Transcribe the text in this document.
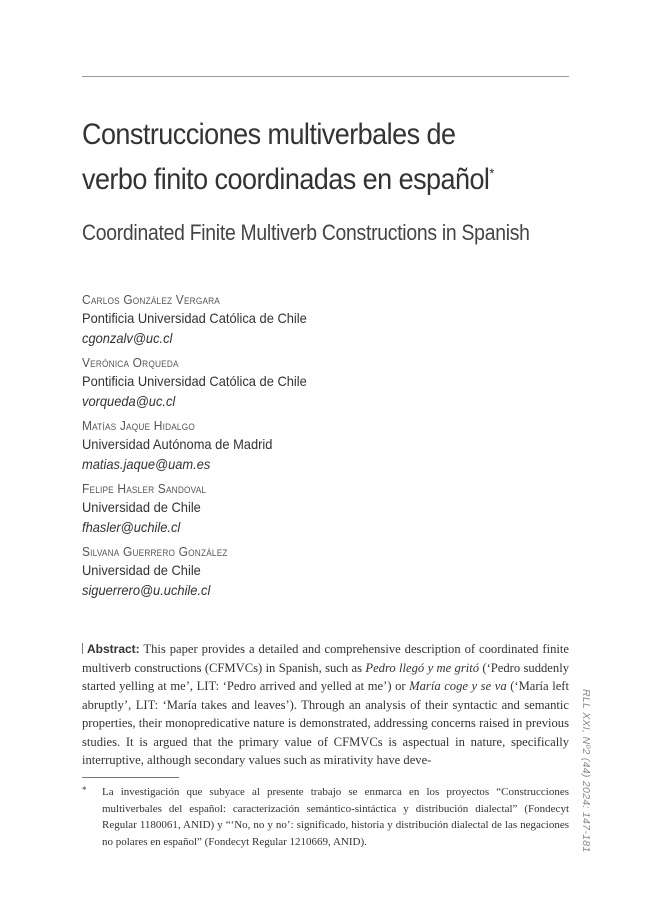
Construcciones multiverbales de
verbo finito coordinadas en español*
Coordinated Finite Multiverb Constructions in Spanish
Carlos González Vergara
Pontificia Universidad Católica de Chile
cgonzalv@uc.cl
Verónica Orqueda
Pontificia Universidad Católica de Chile
vorqueda@uc.cl
Matías Jaque Hidalgo
Universidad Autónoma de Madrid
matias.jaque@uam.es
Felipe Hasler Sandoval
Universidad de Chile
fhasler@uchile.cl
Silvana Guerrero González
Universidad de Chile
siguerrero@u.uchile.cl
Abstract: This paper provides a detailed and comprehensive description of coordinated finite multiverb constructions (CFMVCs) in Spanish, such as Pedro llegó y me gritó (‘Pedro suddenly started yelling at me’, LIT: ‘Pedro arrived and yelled at me’) or María coge y se va (‘María left abruptly’, LIT: ‘María takes and leaves’). Through an analysis of their syntactic and semantic properties, their monopredicative nature is demonstrated, addressing concerns raised in previous studies. It is argued that the primary value of CFMVCs is aspectual in nature, specifically interruptive, although secondary values such as mirativity have deve-
* La investigación que subyace al presente trabajo se enmarca en los proyectos “Construcciones multiverbales del español: caracterización semántico-sintáctica y distribución dialectal” (Fondecyt Regular 1180061, ANID) y “‘No, no y no’: significado, historia y distribución dialectal de las negaciones no polares en español” (Fondecyt Regular 1210669, ANID).	RLL XXI, Nº2 (44) 2024: 147-181
